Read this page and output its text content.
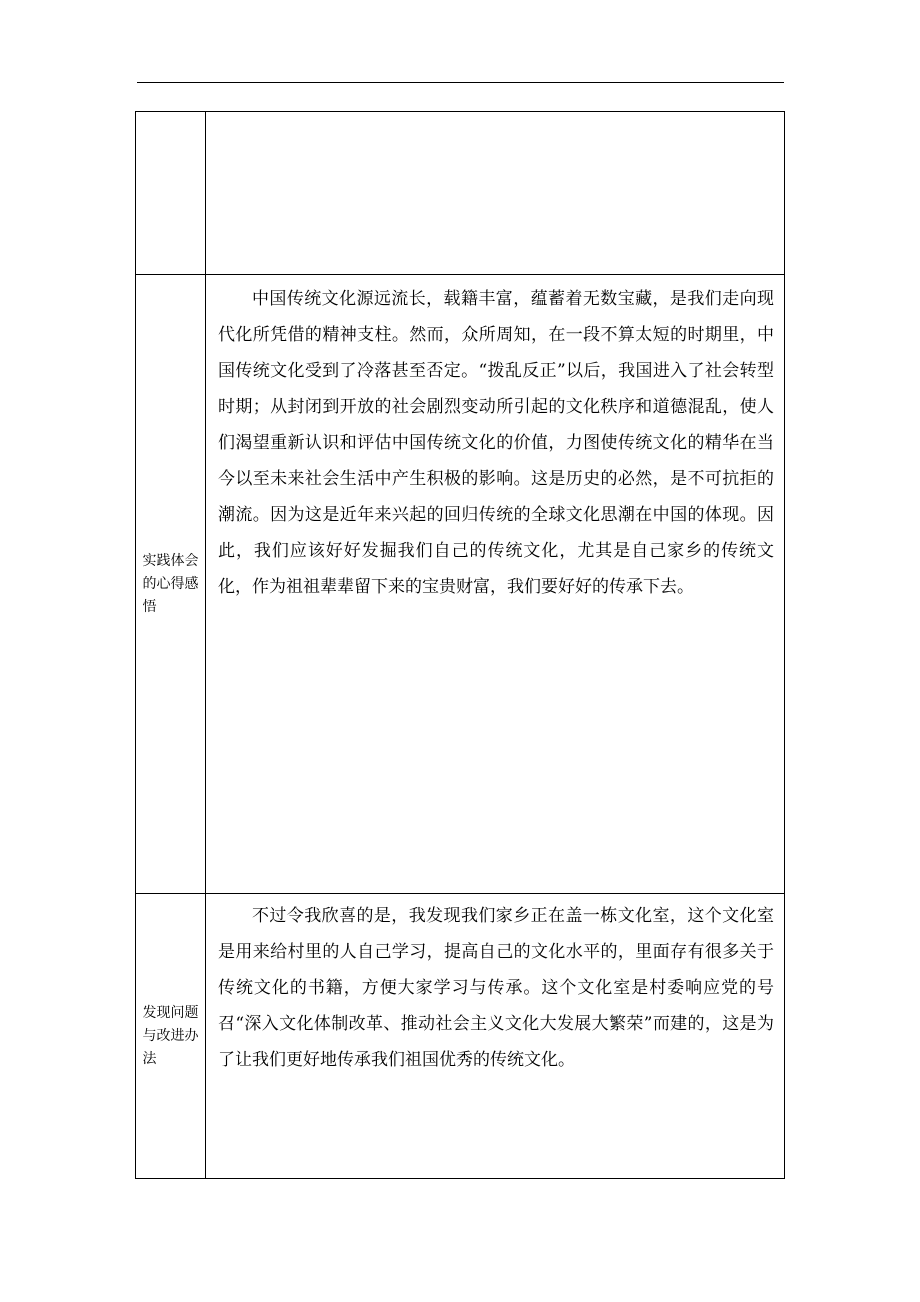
实践体会的心得感悟	中国传统文化源远流长，载籍丰富，蕴蓄着无数宝藏，是我们走向现代化所凭借的精神支柱。然而，众所周知，在一段不算太短的时期里，中国传统文化受到了冷落甚至否定。“拨乱反正”以后，我国进入了社会转型时期；从封闭到开放的社会剧烈变动所引起的文化秩序和道德混乱，使人们渴望重新认识和评估中国传统文化的价值，力图使传统文化的精华在当今以至未来社会生活中产生积极的影响。这是历史的必然，是不可抗拒的潮流。因为这是近年来兴起的回归传统的全球文化思潮在中国的体现。因此，我们应该好好发掘我们自己的传统文化，尤其是自己家乡的传统文化，作为祖祖辈辈留下来的宝贵财富，我们要好好的传承下去。

发现问题与改进办法	不过令我欣喜的是，我发现我们家乡正在盖一栋文化室，这个文化室是用来给村里的人自己学习，提高自己的文化水平的，里面存有很多关于传统文化的书籍，方便大家学习与传承。这个文化室是村委响应党的号召“深入文化体制改革、推动社会主义文化大发展大繁荣”而建的，这是为了让我们更好地传承我们祖国优秀的传统文化。
